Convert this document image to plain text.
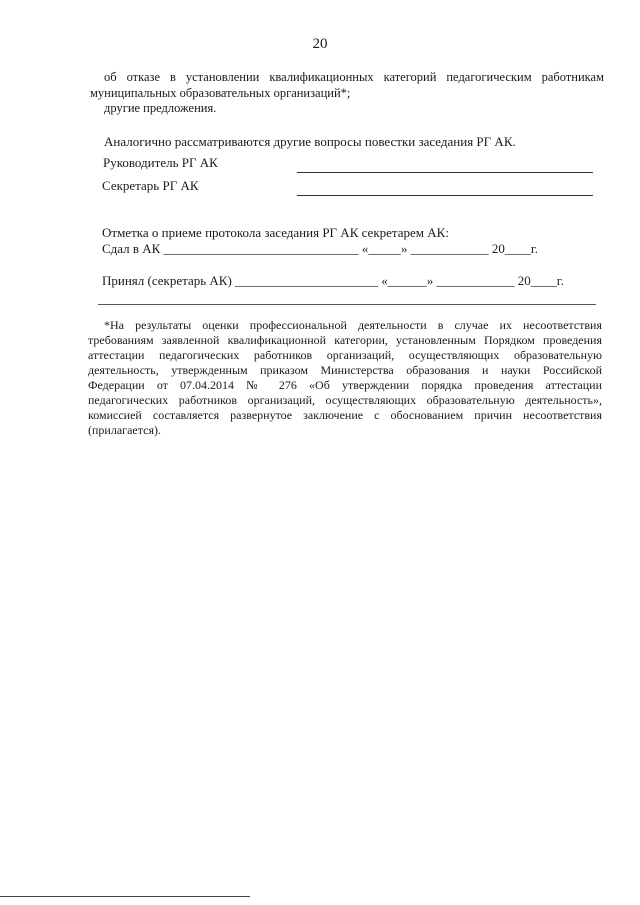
20
об отказе в установлении квалификационных категорий педагогическим работникам
муниципальных образовательных организаций*;
другие предложения.
Аналогично рассматриваются другие вопросы повестки заседания РГ АК.
Руководитель РГ АК
Секретарь РГ АК
Отметка о приеме протокола заседания РГ АК секретарем АК:
Сдал в АК ______________________________ «_____» ____________ 20____г.
Принял (секретарь АК) ______________________ «______» ____________ 20____г.
*На результаты оценки профессиональной деятельности в случае их несоответствия
требованиям заявленной квалификационной категории, установленным Порядком проведения
аттестации педагогических работников организаций, осуществляющих образовательную
деятельность, утвержденным приказом Министерства образования и науки Российской
Федерации от 07.04.2014 № 276 «Об утверждении порядка проведения аттестации
педагогических работников организаций, осуществляющих образовательную деятельность»,
комиссией составляется развернутое заключение с обоснованием причин несоответствия
(прилагается).
